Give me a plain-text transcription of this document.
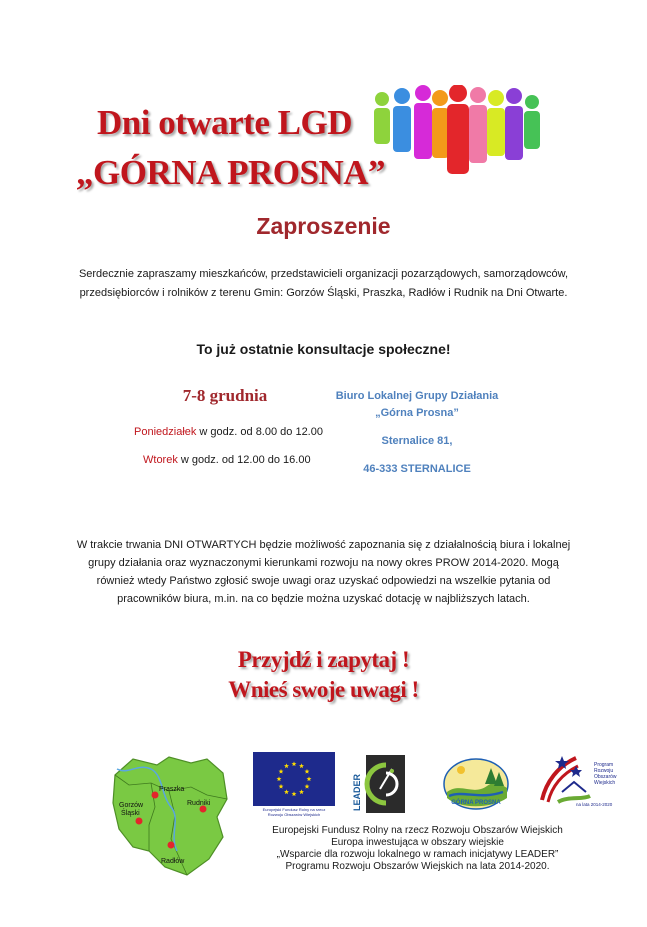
Dni otwarte LGD
„GÓRNA PROSNA”
Zaproszenie
Serdecznie zapraszamy mieszkańców, przedstawicieli organizacji pozarządowych, samorządowców,
przedsiębiorców i rolników z terenu Gmin: Gorzów Śląski, Praszka, Radłów i Rudnik na Dni Otwarte.
To już ostatnie konsultacje społeczne!
7-8 grudnia
Poniedziałek w godz. od 8.00 do 12.00
Wtorek w godz. od 12.00 do 16.00
Biuro Lokalnej Grupy Działania
„Górna Prosna”
Sternalice 81,
46-333 STERNALICE
W trakcie trwania DNI OTWARTYCH będzie możliwość zapoznania się z działalnością biura i lokalnej
grupy działania oraz wyznaczonymi kierunkami rozwoju na nowy okres PROW 2014-2020. Mogą
również wtedy Państwo zgłosić swoje uwagi oraz uzyskać odpowiedzi na wszelkie pytania od
pracowników biura, m.in. na co będzie można uzyskać dotację w najbliższych latach.
Przyjdź i zapytaj !
Wnieś swoje uwagi !
Praszka
Gorzów
Śląski
Rudniki
Radłów
Europejski Fundusz Rolny na rzecz
Rozwoju Obszarów Wiejskich
LEADER	GÓRNA PROSNA
Program
Rozwoju
Obszarów
Wiejskich
na lata 2014-2020
Europejski Fundusz Rolny na rzecz Rozwoju Obszarów Wiejskich
Europa inwestująca w obszary wiejskie
„Wsparcie dla rozwoju lokalnego w ramach inicjatywy LEADER”
Programu Rozwoju Obszarów Wiejskich na lata 2014-2020.
